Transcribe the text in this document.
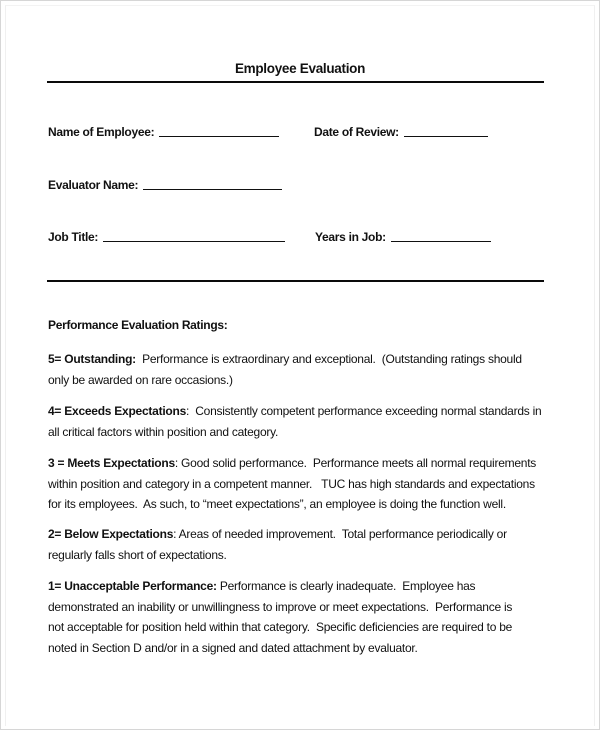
Employee Evaluation
Name of Employee:	Date of Review:
Evaluator Name:
Job Title:	Years in Job:
Performance Evaluation Ratings:
5= Outstanding:  Performance is extraordinary and exceptional.  (Outstanding ratings should
only be awarded on rare occasions.)
4= Exceeds Expectations:  Consistently competent performance exceeding normal standards in
all critical factors within position and category.
3 = Meets Expectations: Good solid performance.  Performance meets all normal requirements
within position and category in a competent manner.   TUC has high standards and expectations
for its employees.  As such, to “meet expectations”, an employee is doing the function well.
2= Below Expectations: Areas of needed improvement.  Total performance periodically or
regularly falls short of expectations.
1= Unacceptable Performance: Performance is clearly inadequate.  Employee has
demonstrated an inability or unwillingness to improve or meet expectations.  Performance is
not acceptable for position held within that category.  Specific deficiencies are required to be
noted in Section D and/or in a signed and dated attachment by evaluator.
